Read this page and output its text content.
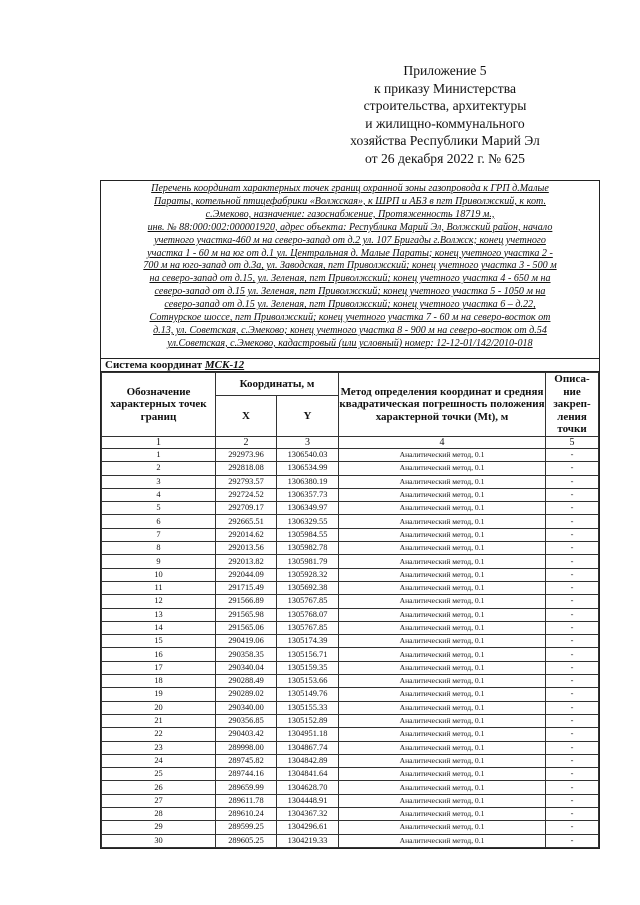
Приложение 5
к приказу Министерства
строительства, архитектуры
и жилищно-коммунального
хозяйства Республики Марий Эл
от 26 декабря 2022 г. № 625
Перечень координат характерных точек границ охранной зоны газопровода к ГРП д.Малые
Параты, котельной птицефабрики «Волжская», к ШРП и АБЗ в пгт Приволжский, к кот.
с.Эмеково, назначение: газоснабжение, Протяженность 18719 м.,
инв. № 88:000:002:000001920, адрес объекта: Республика Марий Эл, Волжский район, начало
учетного участка-460 м на северо-запад от д.2 ул. 107 Бригады г.Волжск; конец учетного
участка 1 - 60 м на юг от д.1 ул. Центральная д. Малые Параты; конец учетного участка 2 -
700 м на юго-запад от д.3а, ул. Заводская, пгт Приволжский; конец учетного участка 3 - 500 м
на северо-запад от д.15, ул. Зеленая, пгт Приволжский; конец учетного участка 4 - 650 м на
северо-запад от д.15 ул. Зеленая, пгт Приволжский; конец учетного участка 5 - 1050 м на
северо-запад от д.15 ул. Зеленая, пгт Приволжский; конец учетного участка 6 – д.22,
Сотнурское шоссе, пгт Приволжский; конец учетного участка 7 - 60 м на северо-восток от
д.13, ул. Советская, с.Эмеково; конец учетного участка 8 - 900 м на северо-восток от д.54
ул.Советская, с.Эмеково, кадастровый (или условный) номер: 12-12-01/142/2010-018
Система координат МСК-12
Обозначение характерных точек границ	Координаты, м		Метод определения координат и средняя квадратическая погрешность положения характерной точки (Mt), м	Описа-ние закреп-ления точки
	X	Y		
1	2	3	4	5
1	292973.96	1306540.03	Аналитический метод, 0.1	-
2	292818.08	1306534.99	Аналитический метод, 0.1	-
3	292793.57	1306380.19	Аналитический метод, 0.1	-
4	292724.52	1306357.73	Аналитический метод, 0.1	-
5	292709.17	1306349.97	Аналитический метод, 0.1	-
6	292665.51	1306329.55	Аналитический метод, 0.1	-
7	292014.62	1305984.55	Аналитический метод, 0.1	-
8	292013.56	1305982.78	Аналитический метод, 0.1	-
9	292013.82	1305981.79	Аналитический метод, 0.1	-
10	292044.09	1305928.32	Аналитический метод, 0.1	-
11	291715.49	1305692.38	Аналитический метод, 0.1	-
12	291566.89	1305767.85	Аналитический метод, 0.1	-
13	291565.98	1305768.07	Аналитический метод, 0.1	-
14	291565.06	1305767.85	Аналитический метод, 0.1	-
15	290419.06	1305174.39	Аналитический метод, 0.1	-
16	290358.35	1305156.71	Аналитический метод, 0.1	-
17	290340.04	1305159.35	Аналитический метод, 0.1	-
18	290288.49	1305153.66	Аналитический метод, 0.1	-
19	290289.02	1305149.76	Аналитический метод, 0.1	-
20	290340.00	1305155.33	Аналитический метод, 0.1	-
21	290356.85	1305152.89	Аналитический метод, 0.1	-
22	290403.42	1304951.18	Аналитический метод, 0.1	-
23	289998.00	1304867.74	Аналитический метод, 0.1	-
24	289745.82	1304842.89	Аналитический метод, 0.1	-
25	289744.16	1304841.64	Аналитический метод, 0.1	-
26	289659.99	1304628.70	Аналитический метод, 0.1	-
27	289611.78	1304448.91	Аналитический метод, 0.1	-
28	289610.24	1304367.32	Аналитический метод, 0.1	-
29	289599.25	1304296.61	Аналитический метод, 0.1	-
30	289605.25	1304219.33	Аналитический метод, 0.1	-
